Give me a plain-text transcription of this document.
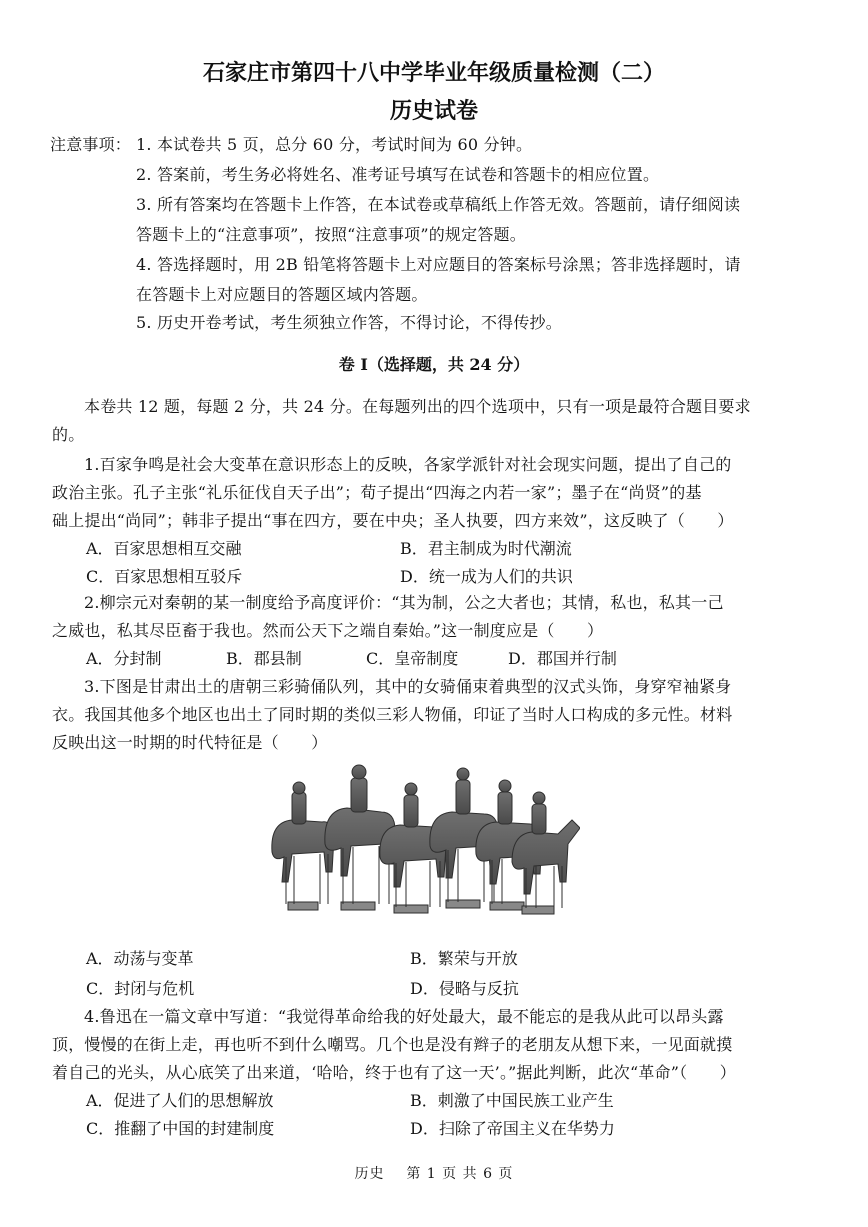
石家庄市第四十八中学毕业年级质量检测（二）
历史试卷
注意事项： 1. 本试卷共 5 页，总分 60 分，考试时间为 60 分钟。
2. 答案前，考生务必将姓名、准考证号填写在试卷和答题卡的相应位置。
3. 所有答案均在答题卡上作答，在本试卷或草稿纸上作答无效。答题前，请仔细阅读
答题卡上的“注意事项”，按照“注意事项”的规定答题。
4. 答选择题时，用 2B 铅笔将答题卡上对应题目的答案标号涂黑；答非选择题时，请
在答题卡上对应题目的答题区域内答题。
5. 历史开卷考试，考生须独立作答，不得讨论，不得传抄。
卷 I（选择题，共 24 分）
本卷共 12 题，每题 2 分，共 24 分。在每题列出的四个选项中，只有一项是最符合题目要求
的。
1.百家争鸣是社会大变革在意识形态上的反映，各家学派针对社会现实问题，提出了自己的
政治主张。孔子主张“礼乐征伐自天子出”；荀子提出“四海之内若一家”；墨子在“尚贤”的基
础上提出“尚同”；韩非子提出“事在四方，要在中央；圣人执要，四方来效”，这反映了（　　）
A．百家思想相互交融	B．君主制成为时代潮流
C．百家思想相互驳斥	D．统一成为人们的共识
2.柳宗元对秦朝的某一制度给予高度评价：“其为制，公之大者也；其情，私也，私其一己
之威也，私其尽臣畜于我也。然而公天下之端自秦始。”这一制度应是（　　）
A．分封制	B．郡县制	C．皇帝制度	D．郡国并行制
3.下图是甘肃出土的唐朝三彩骑俑队列，其中的女骑俑束着典型的汉式头饰，身穿窄袖紧身
衣。我国其他多个地区也出土了同时期的类似三彩人物俑，印证了当时人口构成的多元性。材料
反映出这一时期的时代特征是（　　）
A．动荡与变革	B．繁荣与开放
C．封闭与危机	D．侵略与反抗
4.鲁迅在一篇文章中写道：“我觉得革命给我的好处最大，最不能忘的是我从此可以昂头露
顶，慢慢的在街上走，再也听不到什么嘲骂。几个也是没有辫子的老朋友从想下来，一见面就摸
着自己的光头，从心底笑了出来道，‘哈哈，终于也有了这一天’。”据此判断，此次“革命”（　　）
A．促进了人们的思想解放	B．刺激了中国民族工业产生
C．推翻了中国的封建制度	D．扫除了帝国主义在华势力
历史 第 1 页 共 6 页
